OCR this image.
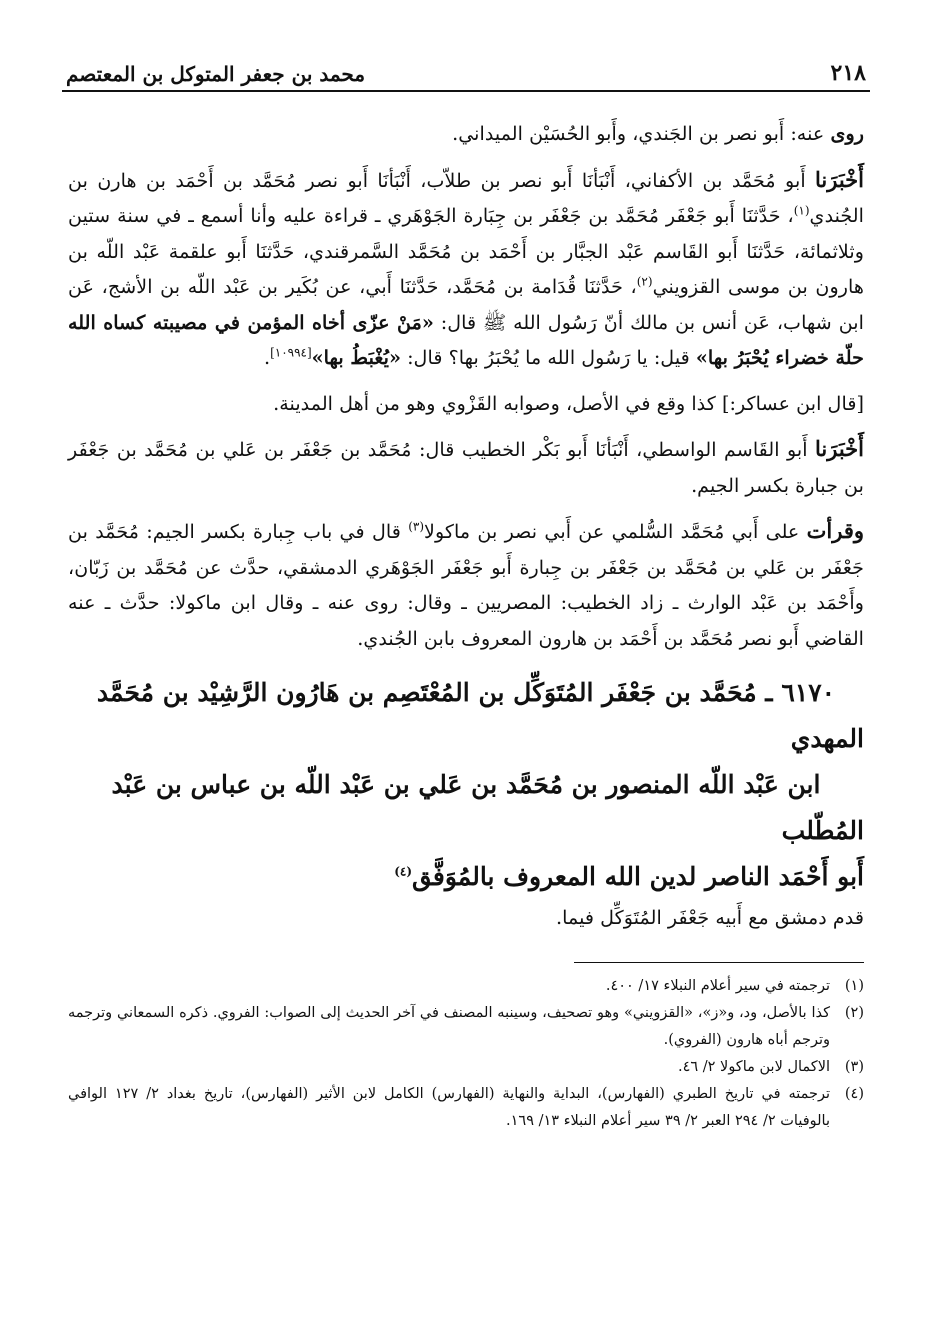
٢١٨
محمد بن جعفر المتوكل بن المعتصم

روى عنه: أَبو نصر بن الجَندي، وأَبو الحُسَيْن الميداني.

أَخْبَرَنا أَبو مُحَمَّد بن الأكفاني، أَنْبَأنَا أَبو نصر بن طلاّب، أَنْبَأنَا أَبو نصر مُحَمَّد بن أَحْمَد بن هارن بن الجُندي$^{(١)}$، حَدَّثنَا أَبو جَعْفَر مُحَمَّد بن جَعْفَر بن جِبَارة الجَوْهَري ـ قراءة عليه وأنا أسمع ـ في سنة ستين وثلاثمائة، حَدَّثنَا أَبو القَاسم عَبْد الجبَّار بن أَحْمَد بن مُحَمَّد السَّمرقندي، حَدَّثنَا أَبو علقمة عَبْد اللّه بن هارون بن موسى القزويني$^{(٢)}$، حَدَّثنَا قُدَامة بن مُحَمَّد، حَدَّثنَا أَبي، عن بُكَير بن عَبْد اللّه بن الأشج، عَن ابن شهاب، عَن أنس بن مالك أنّ رَسُول الله ﷺ قال: «مَنْ عزّى أخاه المؤمن في مصيبته كساه الله حلّة خضراء يُحْبَرُ بها» قيل: يا رَسُول الله ما يُحْبَرُ بها؟ قال: «يُغْبَطُ بها»[١٠٩٩٤].

[قال ابن عساكر:] كذا وقع في الأصل، وصوابه القَزْوي وهو من أهل المدينة.

أَخْبَرَنا أَبو القَاسم الواسطي، أَنْبَأنَا أَبو بَكْر الخطيب قال: مُحَمَّد بن جَعْفَر بن عَلي بن مُحَمَّد بن جَعْفَر بن جبارة بكسر الجيم.

وقرأت على أَبي مُحَمَّد السُّلمي عن أَبي نصر بن ماكولا$^{(٣)}$ قال في باب جِبارة بكسر الجيم: مُحَمَّد بن جَعْفَر بن عَلي بن مُحَمَّد بن جَعْفَر بن جِبارة أَبو جَعْفَر الجَوْهَري الدمشقي، حدَّث عن مُحَمَّد بن زَبّان، وأَحْمَد بن عَبْد الوارث ـ زاد الخطيب: المصريين ـ وقال: روى عنه ـ وقال ابن ماكولا: حدَّث ـ عنه القاضي أَبو نصر مُحَمَّد بن أَحْمَد بن هارون المعروف بابن الجُندي.

٦١٧٠ ـ مُحَمَّد بن جَعْفَر المُتَوَكِّل بن المُعْتَصِم بن هَارُون الرَّشِيْد بن مُحَمَّد المهدي
ابن عَبْد اللّه المنصور بن مُحَمَّد بن عَلي بن عَبْد اللّه بن عباس بن عَبْد المُطّلب
أَبو أَحْمَد الناصر لدين الله المعروف بالمُوَفَّق$^{(٤)}$

قدم دمشق مع أَبيه جَعْفَر المُتَوَكِّل فيما.

(١)
ترجمته في سير أعلام النبلاء ١٧/ ٤٠٠.
(٢)
كذا بالأصل، ود، و«ز»، «القزويني» وهو تصحيف، وسينبه المصنف في آخر الحديث إلى الصواب: الفروي. ذكره السمعاني وترجمه وترجم أباه هارون (الفروي).
(٣)
الاكمال لابن ماكولا ٢/ ٤٦.
(٤)
ترجمته في تاريخ الطبري (الفهارس)، البداية والنهاية (الفهارس) الكامل لابن الأثير (الفهارس)، تاريخ بغداد ٢/ ١٢٧ الوافي بالوفيات ٢/ ٢٩٤ العبر ٢/ ٣٩ سير أعلام النبلاء ١٣/ ١٦٩.
